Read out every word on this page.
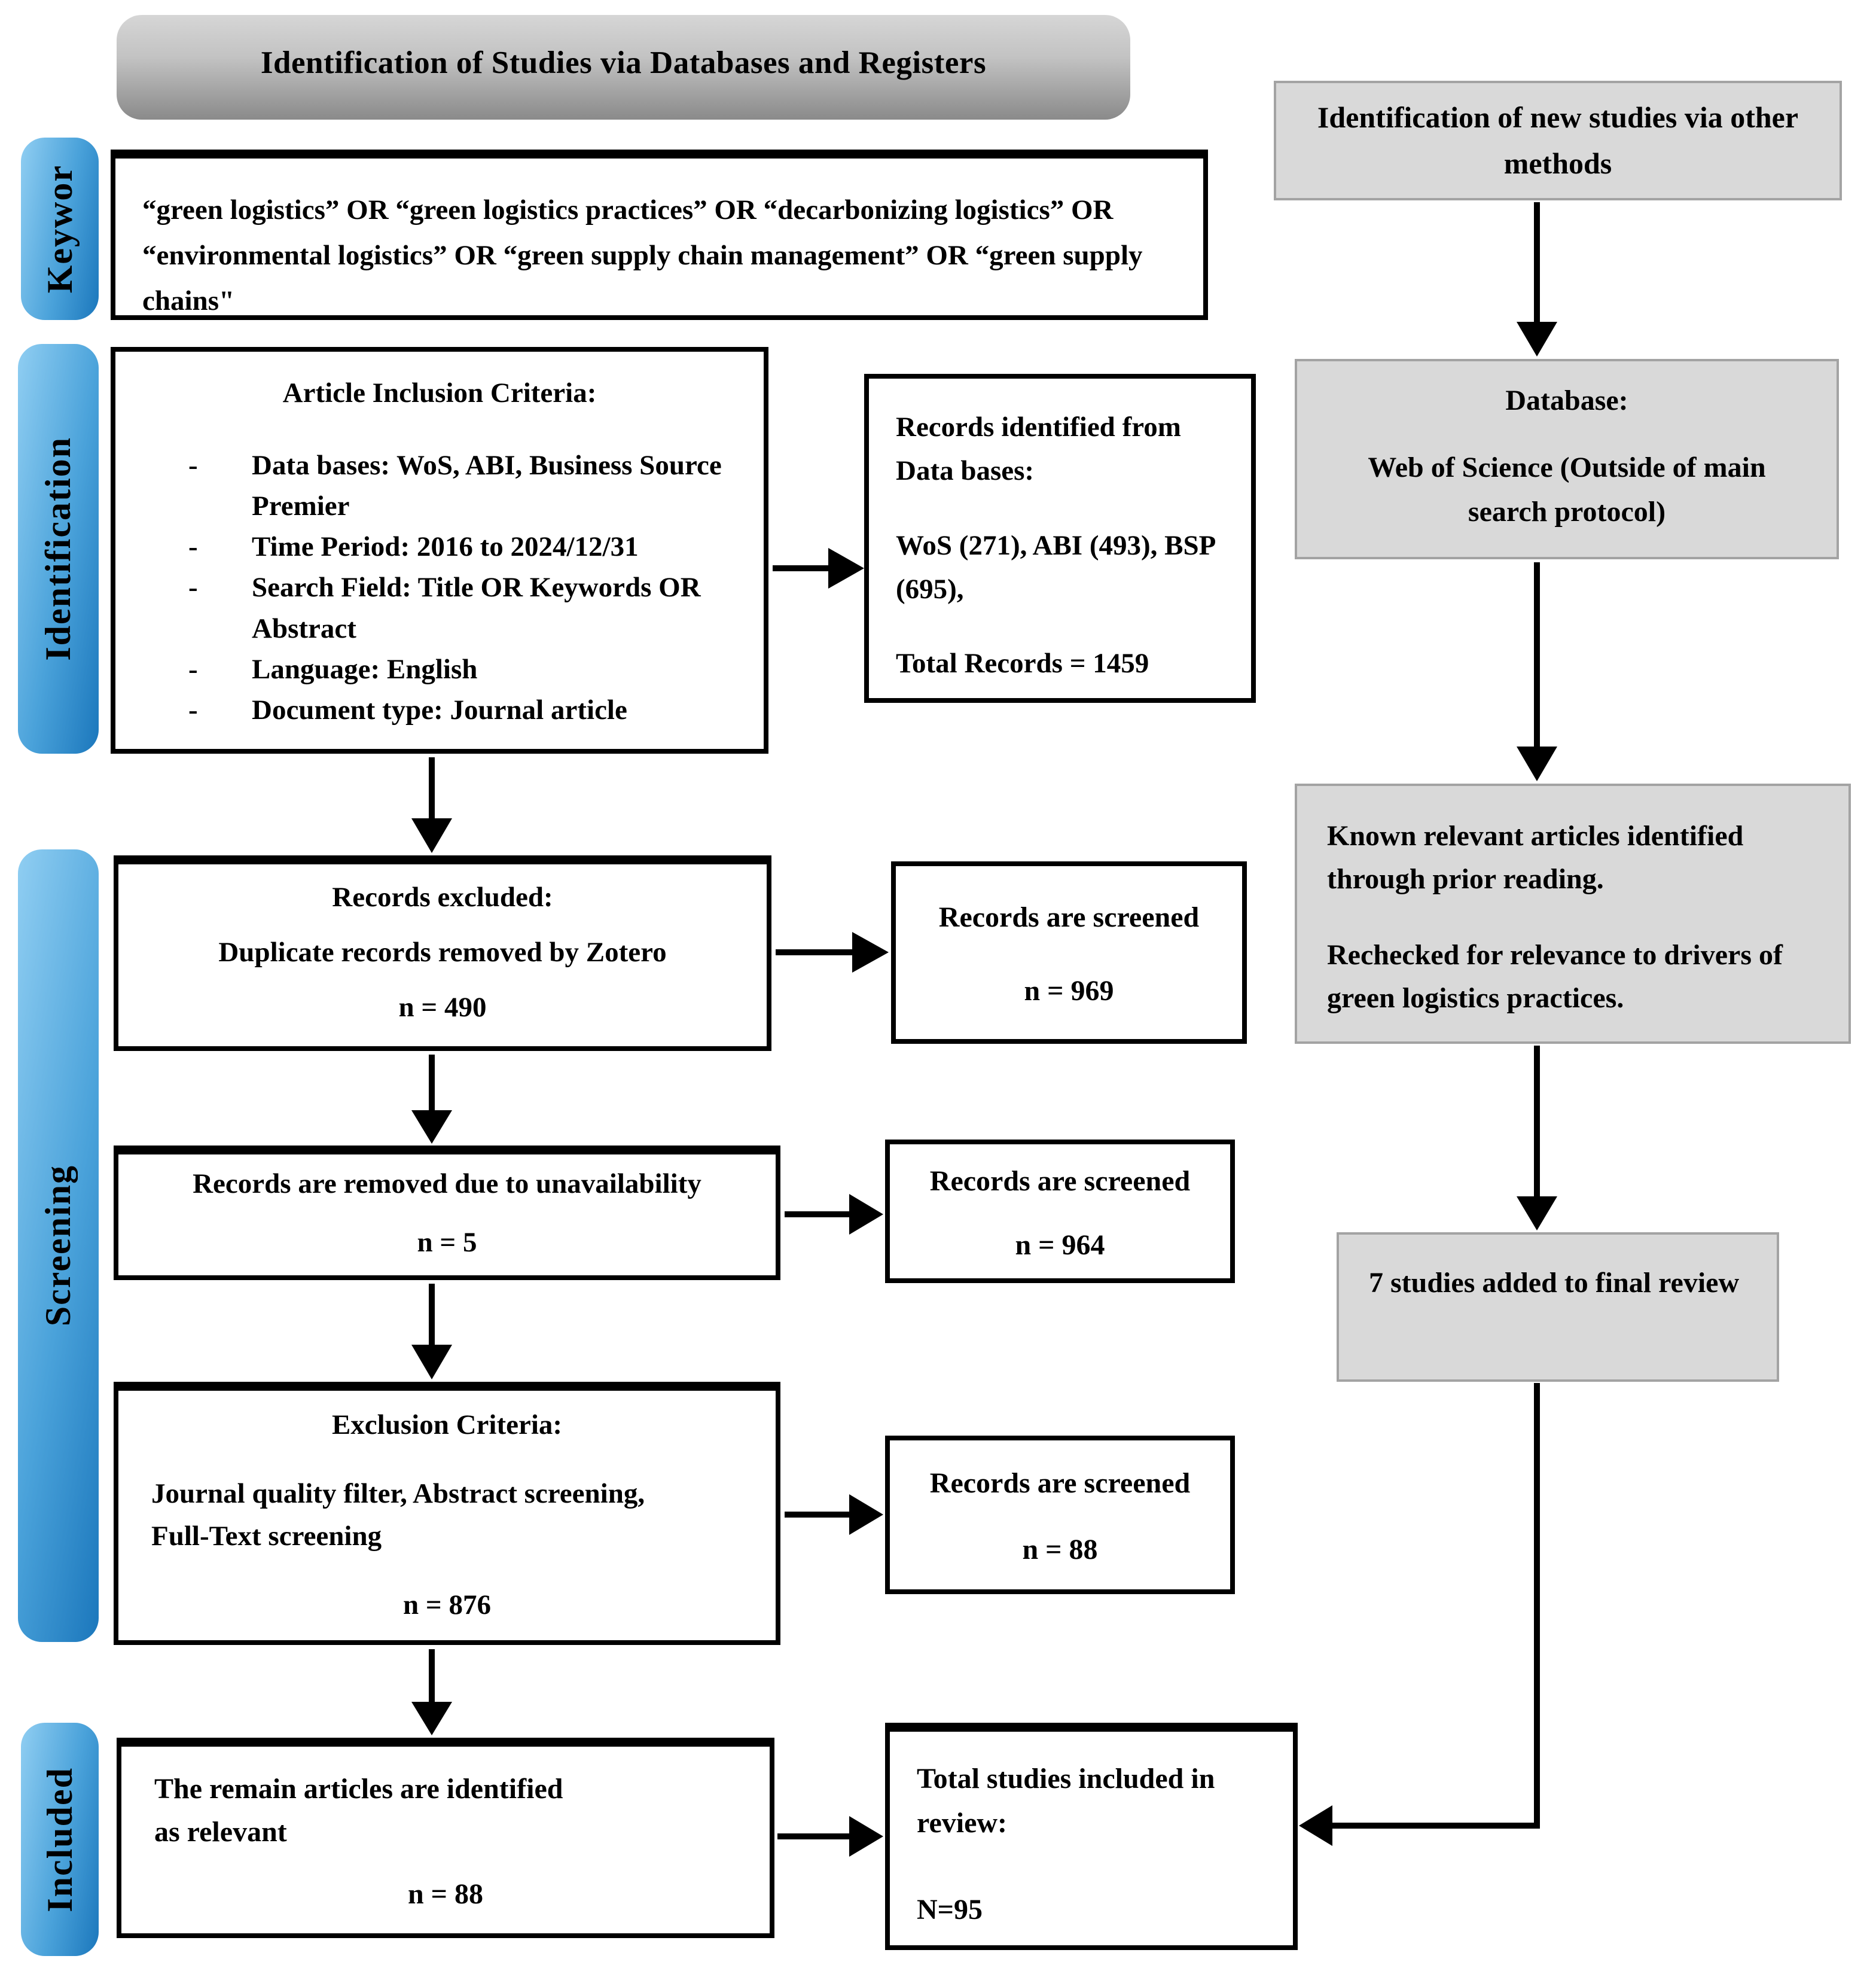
Identification of Studies via Databases and Registers
Identification of new studies via other methods
Keywor
Identification
Screening
Included
“green logistics” OR “green logistics practices” OR “decarbonizing logistics” OR “environmental logistics” OR “green supply chain management” OR “green supply chains"
Article Inclusion Criteria:
- Data bases: WoS, ABI, Business Source Premier
- Time Period: 2016 to 2024/12/31
- Search Field: Title OR Keywords OR Abstract
- Language: English
- Document type: Journal article

Records identified from Data bases:

WoS (271), ABI (493), BSP (695),

Total Records = 1459

Database:
Web of Science (Outside of main search protocol)

Known relevant articles identified through prior reading.

Rechecked for relevance to drivers of green logistics practices.

Records excluded:
Duplicate records removed by Zotero
n = 490
Records are screened
n = 969
Records are removed due to unavailability
n = 5
Records are screened
n = 964
Exclusion Criteria:
Journal quality filter, Abstract screening, Full-Text screening
n = 876
Records are screened
n = 88
The remain articles are identified as relevant
n = 88

Total studies included in review:

N=95

7 studies added to final review
